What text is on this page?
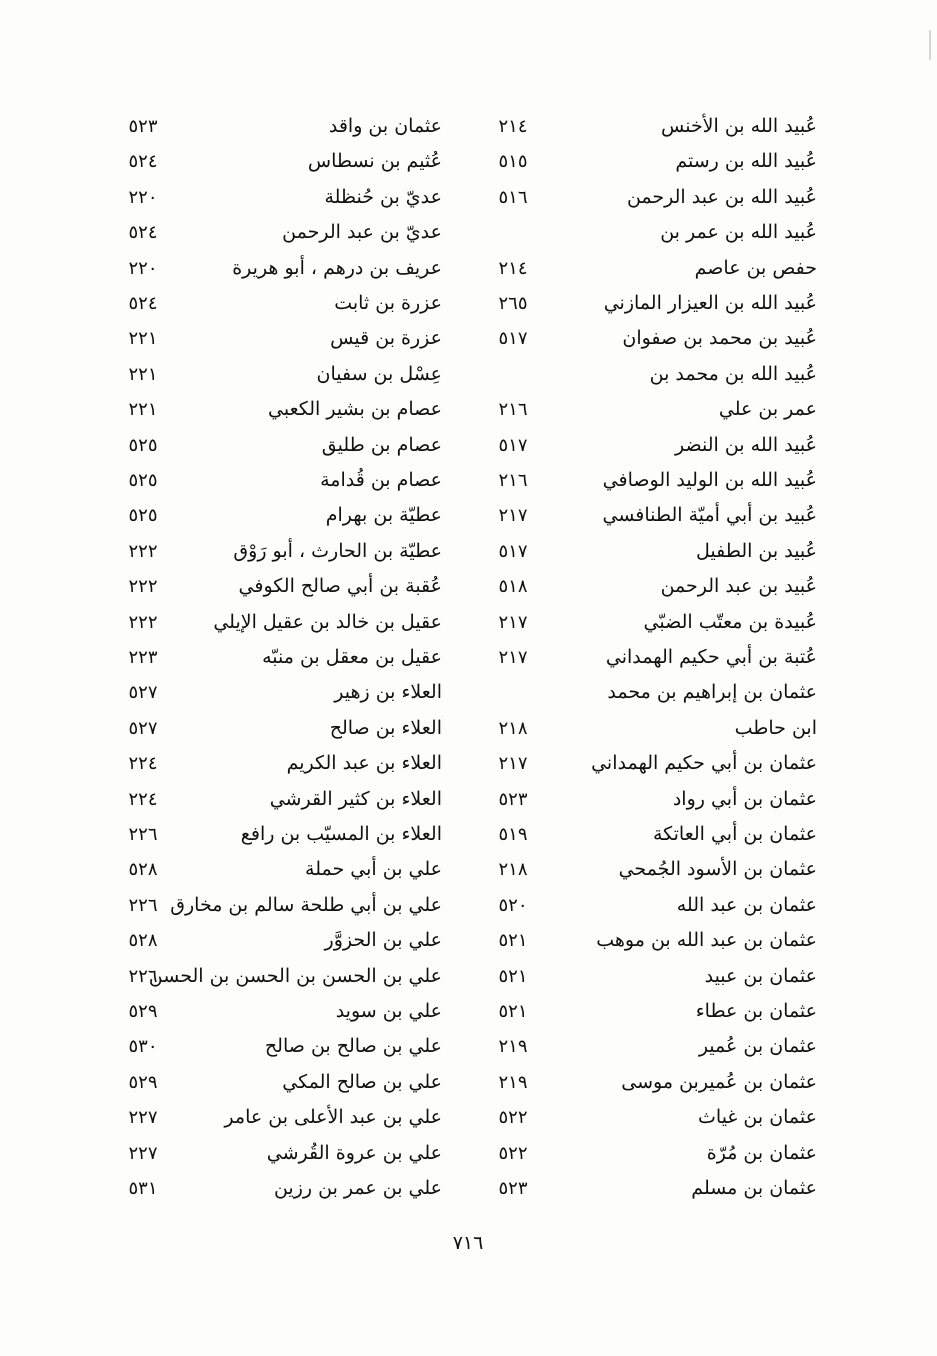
عُبيد الله بن الأخنس
٢١٤
عثمان بن واقد
٥٢٣
عُبيد الله بن رستم
٥١٥
عُثيم بن نسطاس
٥٢٤
عُبيد الله بن عبد الرحمن
٥١٦
عديّ بن حُنظلة
٢٢٠
عُبيد الله بن عمر بن
عديّ بن عبد الرحمن
٥٢٤
حفص بن عاصم
٢١٤
عريف بن درهم ، أبو هريرة
٢٢٠
عُبيد الله بن العيزار المازني
٢٦٥
عزرة بن ثابت
٥٢٤
عُبيد بن محمد بن صفوان
٥١٧
عزرة بن قيس
٢٢١
عُبيد الله بن محمد بن
عِسْل بن سفيان
٢٢١
عمر بن علي
٢١٦
عصام بن بشير الكعبي
٢٢١
عُبيد الله بن النضر
٥١٧
عصام بن طليق
٥٢٥
عُبيد الله بن الوليد الوصافي
٢١٦
عصام بن قُدامة
٥٢٥
عُبيد بن أبي أميّة الطنافسي
٢١٧
عطيّة بن بهرام
٥٢٥
عُبيد بن الطفيل
٥١٧
عطيّة بن الحارث ، أبو رَوْق
٢٢٢
عُبيد بن عبد الرحمن
٥١٨
عُقبة بن أبي صالح الكوفي
٢٢٢
عُبيدة بن معتّب الضبّي
٢١٧
عقيل بن خالد بن عقيل الإيلي
٢٢٢
عُتبة بن أبي حكيم الهمداني
٢١٧
عقيل بن معقل بن منبّه
٢٢٣
عثمان بن إبراهيم بن محمد
العلاء بن زهير
٥٢٧
ابن حاطب
٢١٨
العلاء بن صالح
٥٢٧
عثمان بن أبي حكيم الهمداني
٢١٧
العلاء بن عبد الكريم
٢٢٤
عثمان بن أبي رواد
٥٢٣
العلاء بن كثير القرشي
٢٢٤
عثمان بن أبي العاتكة
٥١٩
العلاء بن المسيّب بن رافع
٢٢٦
عثمان بن الأسود الجُمحي
٢١٨
علي بن أبي حملة
٥٢٨
عثمان بن عبد الله
٥٢٠
علي بن أبي طلحة سالم بن مخارق
٢٢٦
عثمان بن عبد الله بن موهب
٥٢١
علي بن الحزوَّر
٥٢٨
عثمان بن عبيد
٥٢١
علي بن الحسن بن الحسن بن الحسن
٢٢٦
عثمان بن عطاء
٥٢١
علي بن سويد
٥٢٩
عثمان بن عُمير
٢١٩
علي بن صالح بن صالح
٥٣٠
عثمان بن عُميربن موسى
٢١٩
علي بن صالح المكي
٥٢٩
عثمان بن غياث
٥٢٢
علي بن عبد الأعلى بن عامر
٢٢٧
عثمان بن مُرّة
٥٢٢
علي بن عروة القُرشي
٢٢٧
عثمان بن مسلم
٥٢٣
علي بن عمر بن رزين
٥٣١
٧١٦
